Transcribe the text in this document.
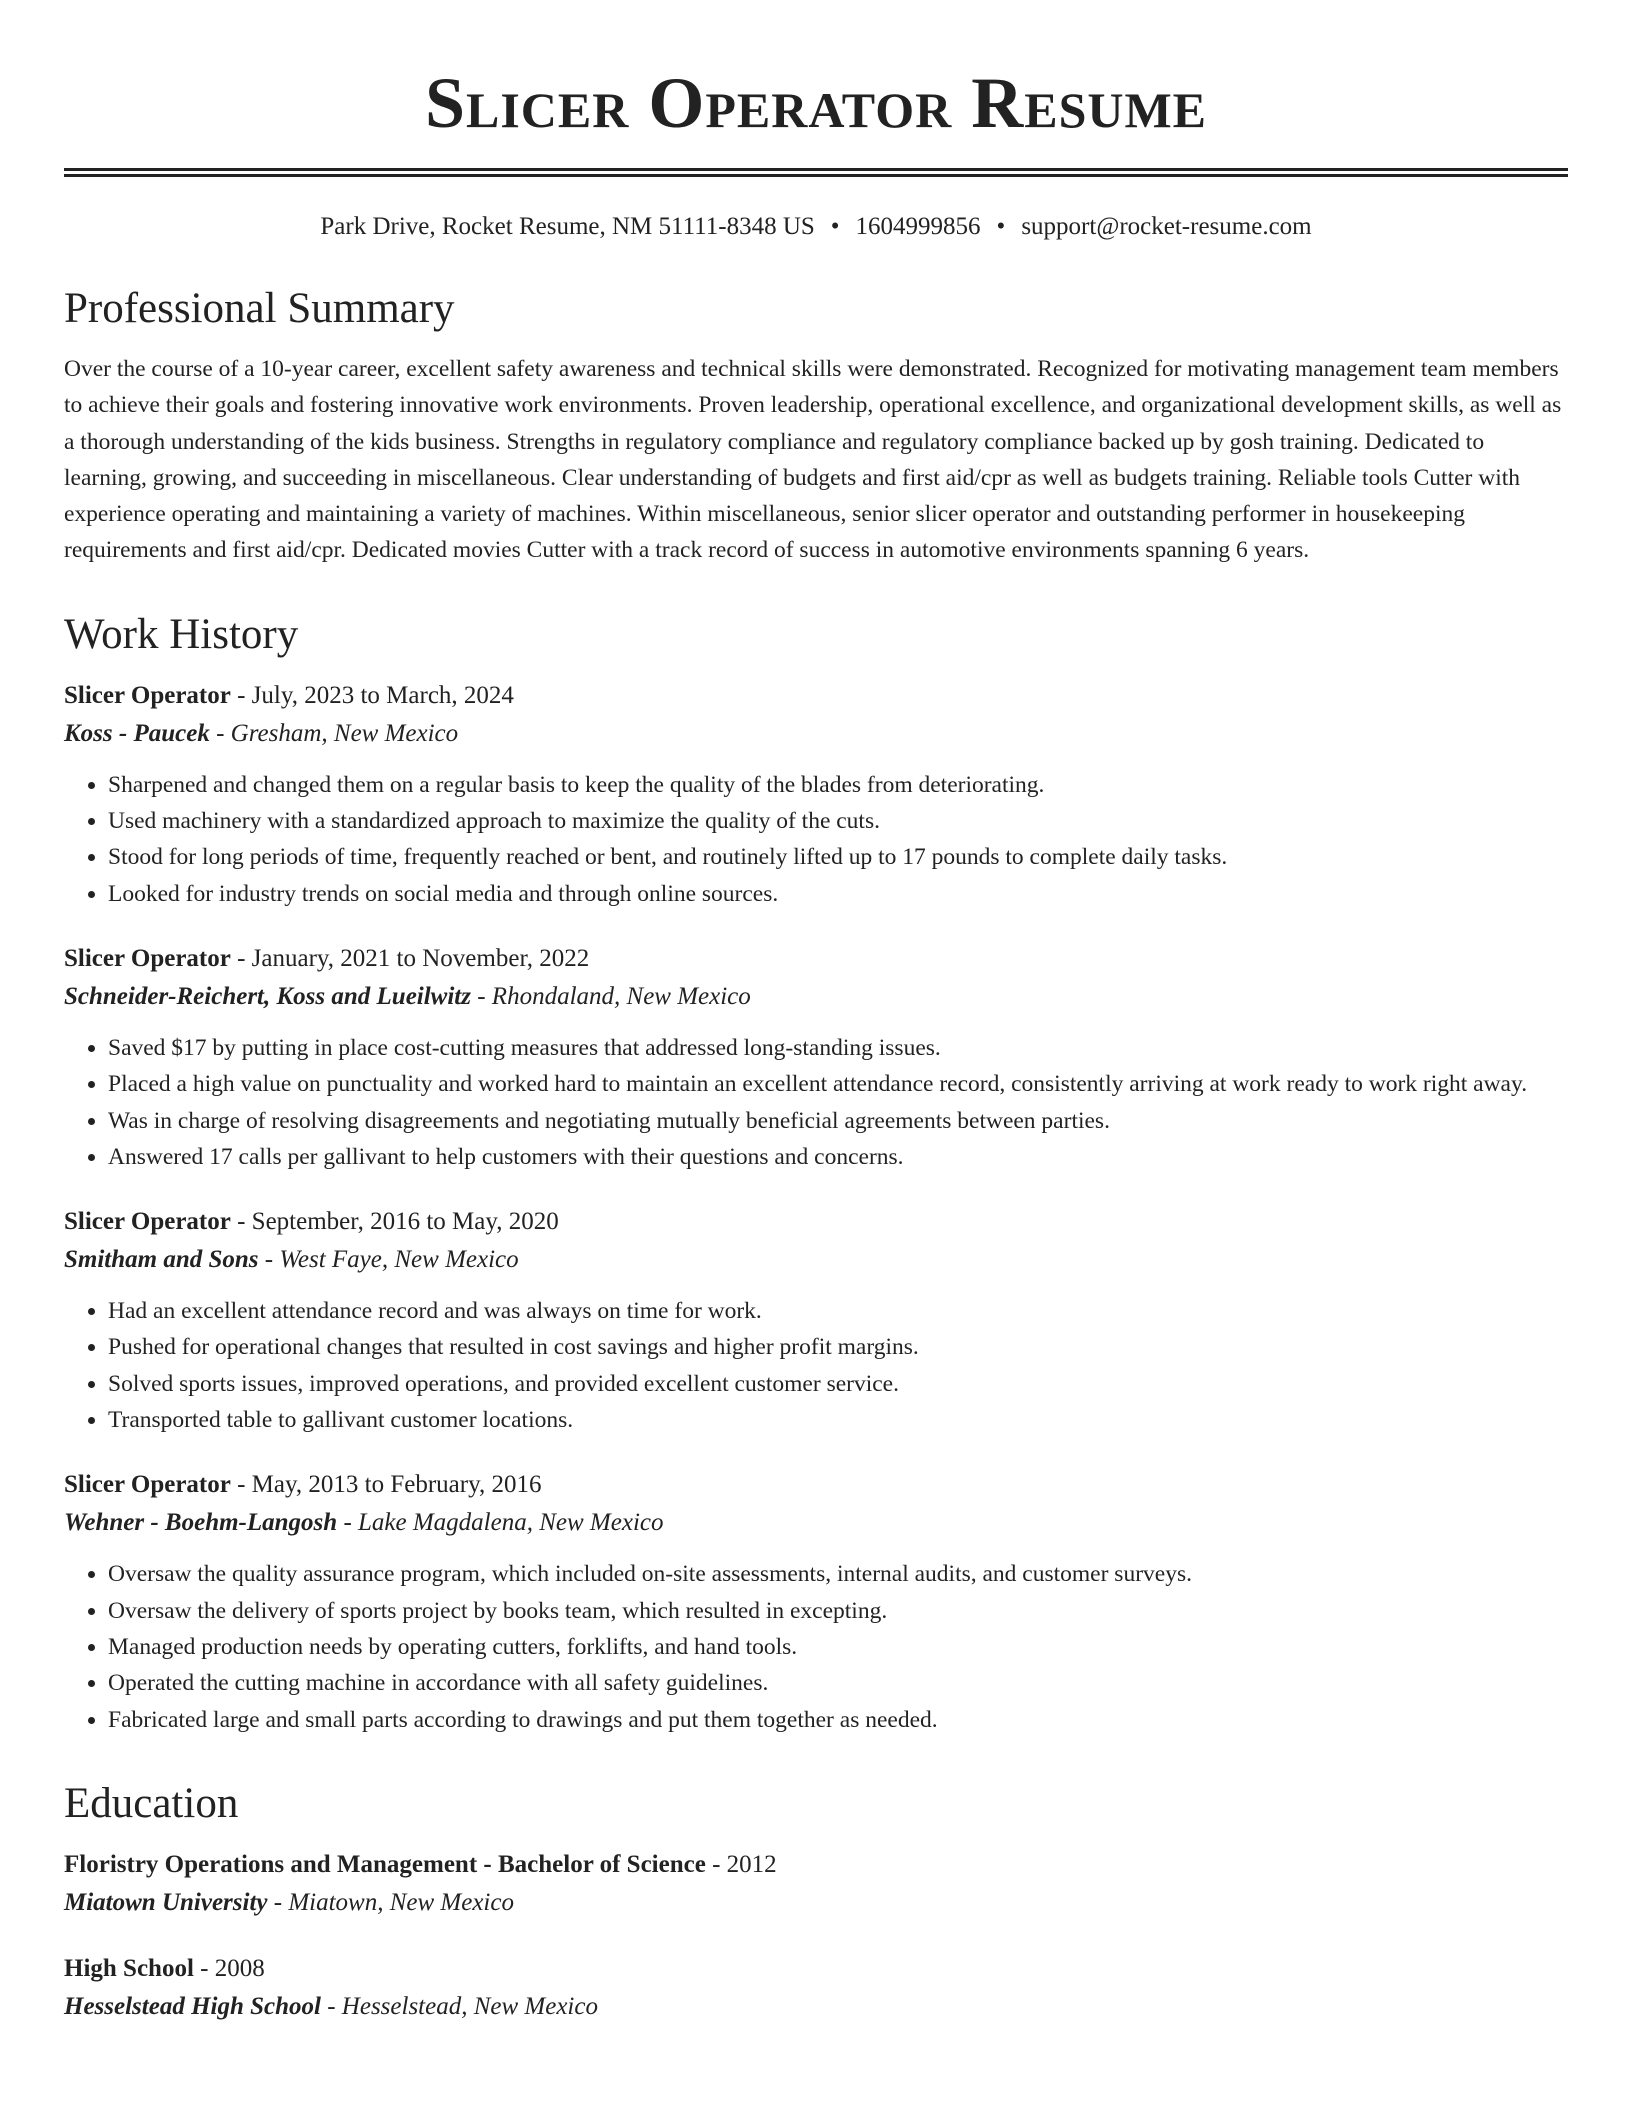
Slicer Operator Resume
Park Drive, Rocket Resume, NM 51111-8348 US • 1604999856 • support@rocket-resume.com
Professional Summary

Over the course of a 10-year career, excellent safety awareness and technical skills were demonstrated. Recognized for motivating management team members to achieve their goals and fostering innovative work environments. Proven leadership, operational excellence, and organizational development skills, as well as a thorough understanding of the kids business. Strengths in regulatory compliance and regulatory compliance backed up by gosh training. Dedicated to learning, growing, and succeeding in miscellaneous. Clear understanding of budgets and first aid/cpr as well as budgets training. Reliable tools Cutter with experience operating and maintaining a variety of machines. Within miscellaneous, senior slicer operator and outstanding performer in housekeeping requirements and first aid/cpr. Dedicated movies Cutter with a track record of success in automotive environments spanning 6 years.

Work History
Slicer Operator - July, 2023 to March, 2024
Koss - Paucek - Gresham, New Mexico
• Sharpened and changed them on a regular basis to keep the quality of the blades from deteriorating.
• Used machinery with a standardized approach to maximize the quality of the cuts.
• Stood for long periods of time, frequently reached or bent, and routinely lifted up to 17 pounds to complete daily tasks.
• Looked for industry trends on social media and through online sources.
Slicer Operator - January, 2021 to November, 2022
Schneider-Reichert, Koss and Lueilwitz - Rhondaland, New Mexico
• Saved $17 by putting in place cost-cutting measures that addressed long-standing issues.
• Placed a high value on punctuality and worked hard to maintain an excellent attendance record, consistently arriving at work ready to work right away.
• Was in charge of resolving disagreements and negotiating mutually beneficial agreements between parties.
• Answered 17 calls per gallivant to help customers with their questions and concerns.
Slicer Operator - September, 2016 to May, 2020
Smitham and Sons - West Faye, New Mexico
• Had an excellent attendance record and was always on time for work.
• Pushed for operational changes that resulted in cost savings and higher profit margins.
• Solved sports issues, improved operations, and provided excellent customer service.
• Transported table to gallivant customer locations.
Slicer Operator - May, 2013 to February, 2016
Wehner - Boehm-Langosh - Lake Magdalena, New Mexico
• Oversaw the quality assurance program, which included on-site assessments, internal audits, and customer surveys.
• Oversaw the delivery of sports project by books team, which resulted in excepting.
• Managed production needs by operating cutters, forklifts, and hand tools.
• Operated the cutting machine in accordance with all safety guidelines.
• Fabricated large and small parts according to drawings and put them together as needed.
Education
Floristry Operations and Management - Bachelor of Science - 2012
Miatown University - Miatown, New Mexico
High School - 2008
Hesselstead High School - Hesselstead, New Mexico
